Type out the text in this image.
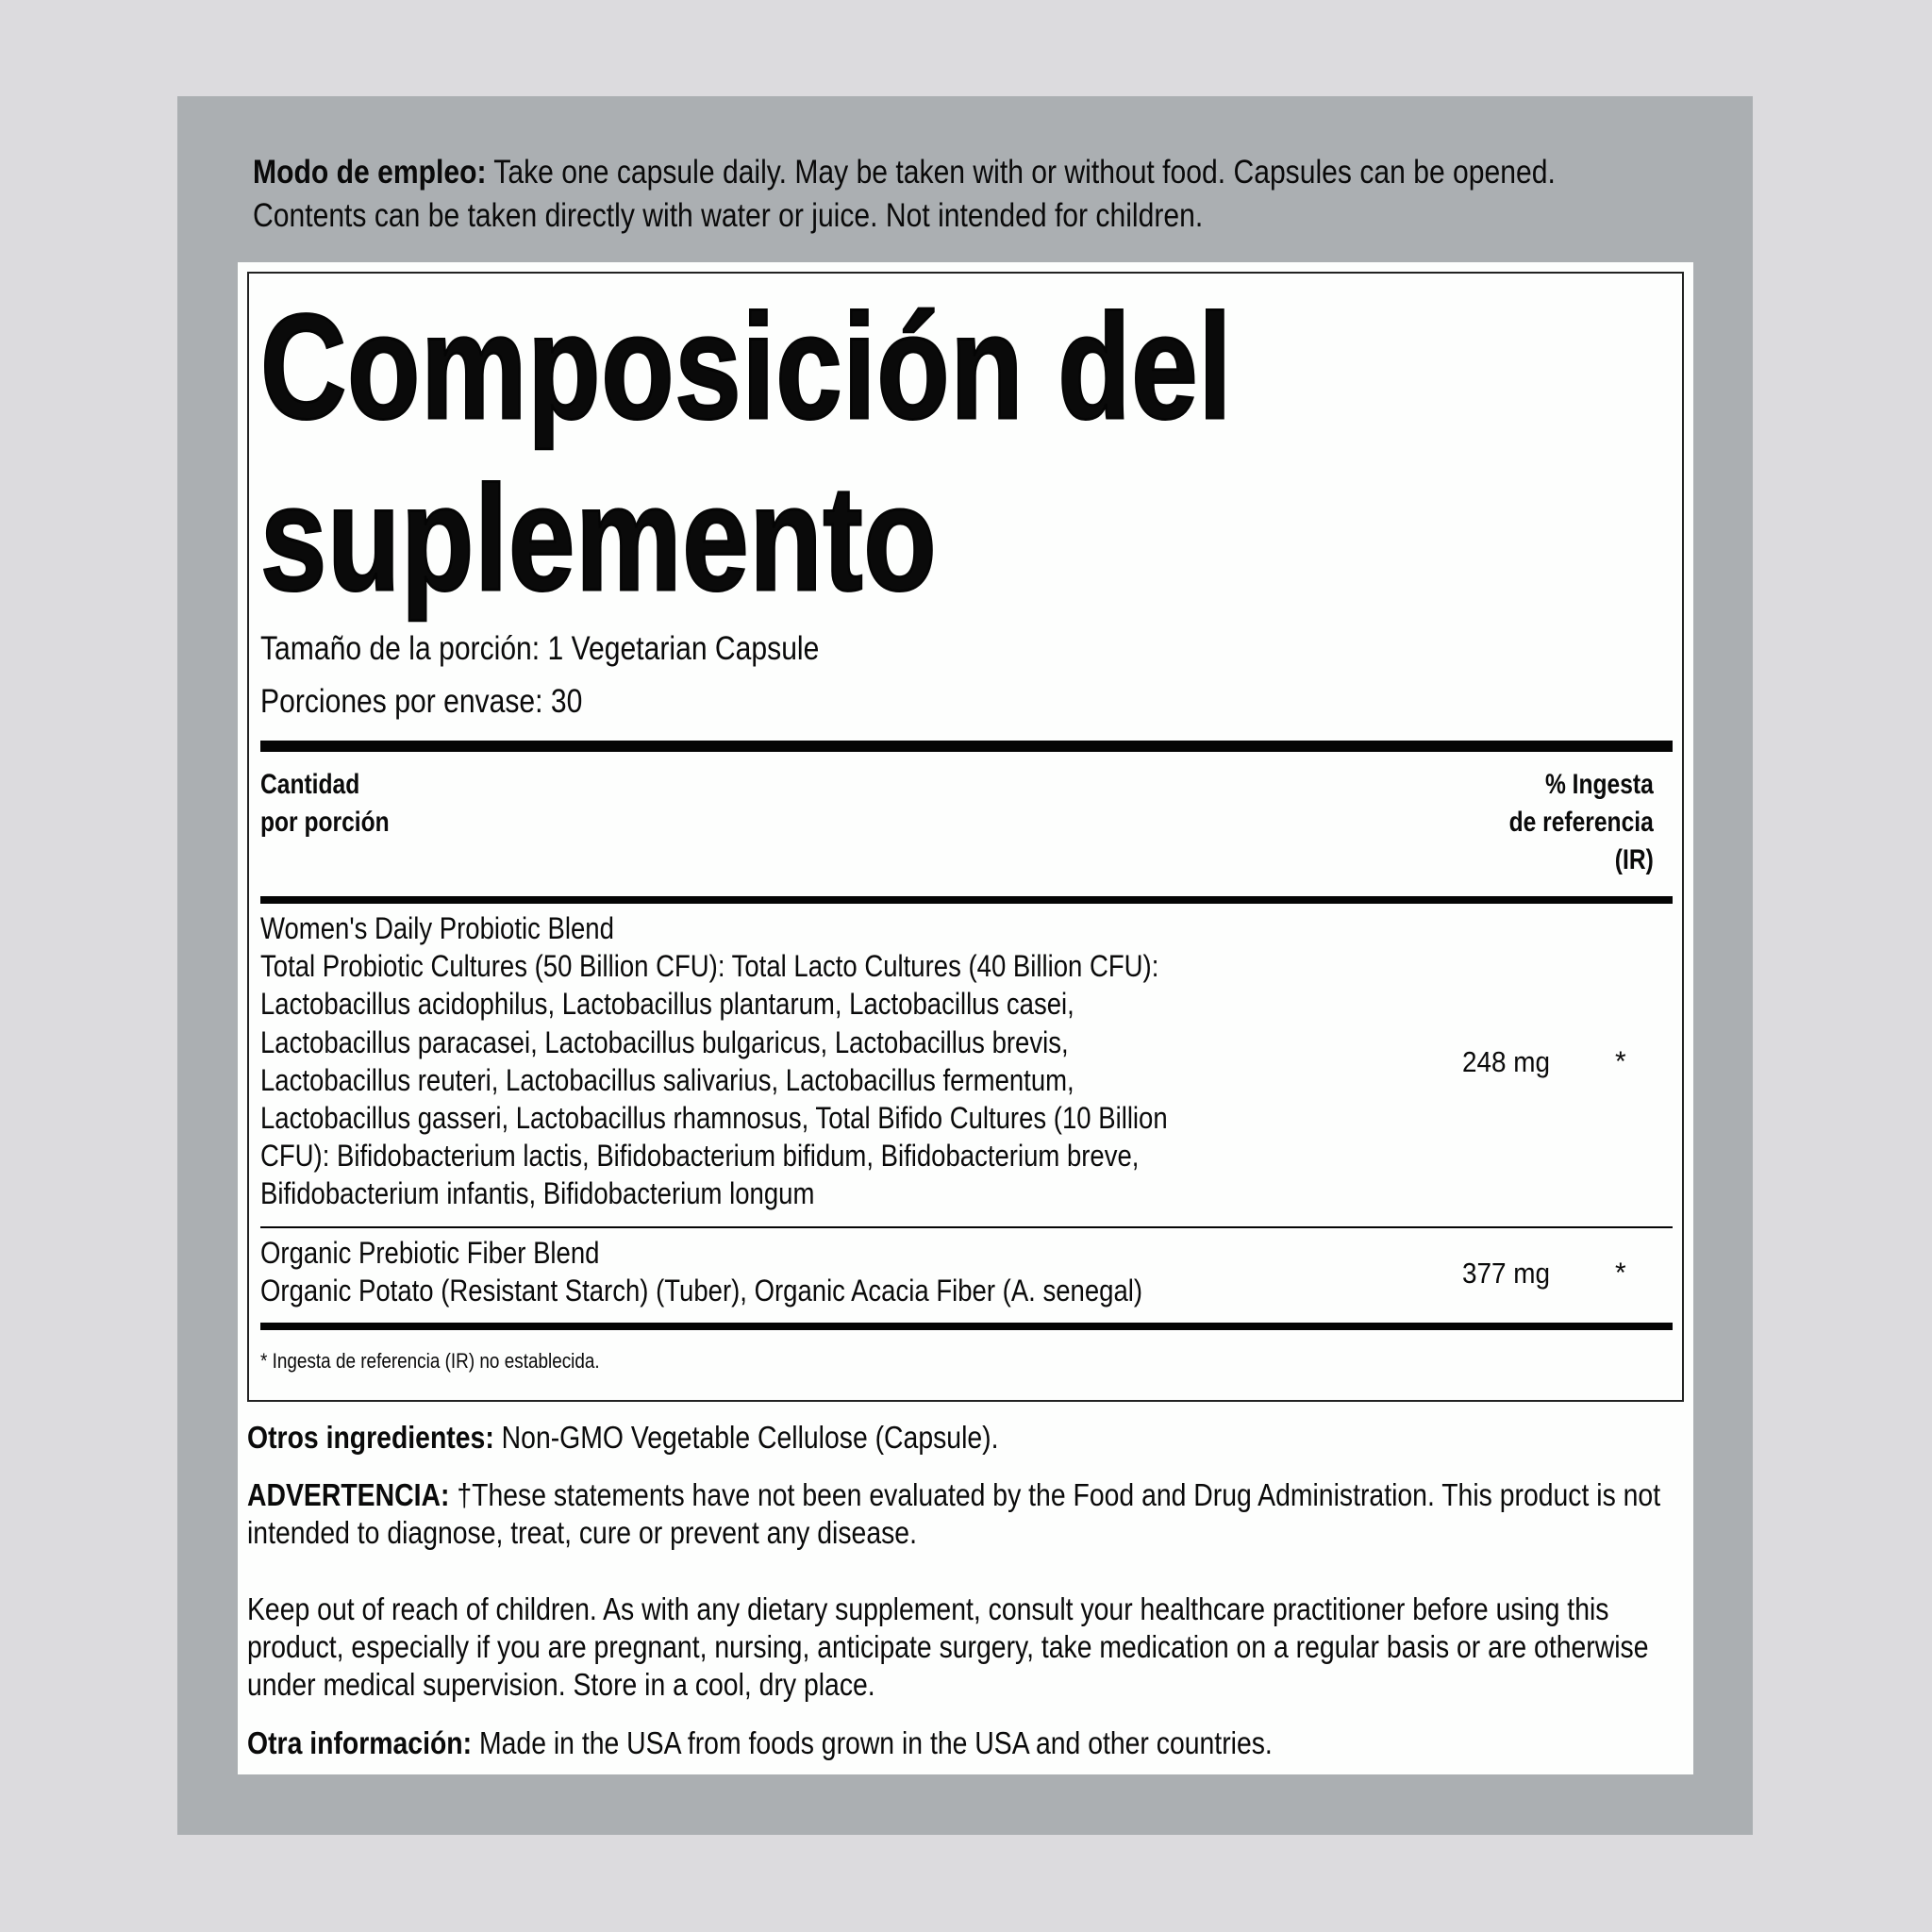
Modo de empleo: Take one capsule daily. May be taken with or without food. Capsules can be opened.
Contents can be taken directly with water or juice. Not intended for children.
Composición del
suplemento
Tamaño de la porción: 1 Vegetarian Capsule
Porciones por envase: 30
Cantidad
por porción
% Ingesta
de referencia
(IR)
Women's Daily Probiotic Blend
Total Probiotic Cultures (50 Billion CFU): Total Lacto Cultures (40 Billion CFU):
Lactobacillus acidophilus, Lactobacillus plantarum, Lactobacillus casei,
Lactobacillus paracasei, Lactobacillus bulgaricus, Lactobacillus brevis,
Lactobacillus reuteri, Lactobacillus salivarius, Lactobacillus fermentum,
Lactobacillus gasseri, Lactobacillus rhamnosus, Total Bifido Cultures (10 Billion
CFU): Bifidobacterium lactis, Bifidobacterium bifidum, Bifidobacterium breve,
Bifidobacterium infantis, Bifidobacterium longum
248 mg *
Organic Prebiotic Fiber Blend
Organic Potato (Resistant Starch) (Tuber), Organic Acacia Fiber (A. senegal)
377 mg *
* Ingesta de referencia (IR) no establecida.
Otros ingredientes: Non-GMO Vegetable Cellulose (Capsule).
ADVERTENCIA: †These statements have not been evaluated by the Food and Drug Administration. This product is not
intended to diagnose, treat, cure or prevent any disease.
Keep out of reach of children. As with any dietary supplement, consult your healthcare practitioner before using this
product, especially if you are pregnant, nursing, anticipate surgery, take medication on a regular basis or are otherwise
under medical supervision. Store in a cool, dry place.
Otra información: Made in the USA from foods grown in the USA and other countries.
